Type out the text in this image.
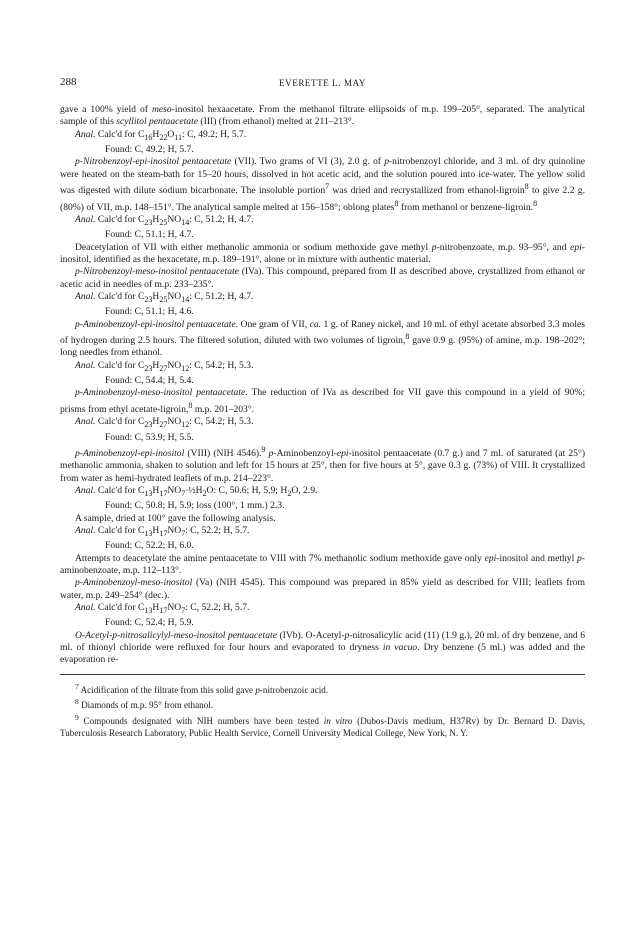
288	EVERETTE L. MAY
gave a 100% yield of meso-inositol hexaacetate. From the methanol filtrate ellipsoids of m.p. 199–205°, separated. The analytical sample of this scyllitol pentaacetate (III) (from ethanol) melted at 211–213°.
Anal. Calc'd for $C_{16}H_{22}O_{11}$: C, 49.2; H, 5.7.
Found: C, 49.2; H, 5.7.
p-Nitrobenzoyl-epi-inositol pentaacetate (VII). Two grams of VI (3), 2.0 g. of p-nitrobenzoyl chloride, and 3 ml. of dry quinoline were heated on the steam-bath for 15–20 hours, dissolved in hot acetic acid, and the solution poured into ice-water. The yellow solid was digested with dilute sodium bicarbonate. The insoluble portion$^7$ was dried and recrystallized from ethanol-ligroin$^8$ to give 2.2 g. (80%) of VII, m.p. 148–151°. The analytical sample melted at 156–158°; oblong plates$^8$ from methanol or benzene-ligroin.$^8$
Anal. Calc'd for $C_{23}H_{25}NO_{14}$: C, 51.2; H, 4.7.
Found: C, 51.1; H, 4.7.
Deacetylation of VII with either methanolic ammonia or sodium methoxide gave methyl p-nitrobenzoate, m.p. 93–95°, and epi-inositol, identified as the hexacetate, m.p. 189–191°, alone or in mixture with authentic material.
p-Nitrobenzoyl-meso-inositol pentaacetate (IVa). This compound, prepared from II as described above, crystallized from ethanol or acetic acid in needles of m.p. 233–235°.
Anal. Calc'd for $C_{23}H_{25}NO_{14}$: C, 51.2; H, 4.7.
Found: C, 51.1; H, 4.6.
p-Aminobenzoyl-epi-inositol pentaacetate. One gram of VII, ca. 1 g. of Raney nickel, and 10 ml. of ethyl acetate absorbed 3.3 moles of hydrogen during 2.5 hours. The filtered solution, diluted with two volumes of ligroin,$^8$ gave 0.9 g. (95%) of amine, m.p. 198–202°; long needles from ethanol.
Anal. Calc'd for $C_{23}H_{27}NO_{12}$: C, 54.2; H, 5.3.
Found: C, 54.4; H, 5.4.
p-Aminobenzoyl-meso-inositol pentaacetate. The reduction of IVa as described for VII gave this compound in a yield of 90%; prisms from ethyl acetate-ligroin,$^8$ m.p. 201–203°.
Anal. Calc'd for $C_{23}H_{27}NO_{12}$: C, 54.2; H, 5.3.
Found: C, 53.9; H, 5.5.
p-Aminobenzoyl-epi-inositol (VIII) (NIH 4546).$^9$ p-Aminobenzoyl-epi-inositol pentaacetate (0.7 g.) and 7 ml. of saturated (at 25°) methanolic ammonia, shaken to solution and left for 15 hours at 25°, then for five hours at 5°, gave 0.3 g. (73%) of VIII. It crystallized from water as hemi-hydrated leaflets of m.p. 214–223°.
Anal. Calc'd for $C_{13}H_{17}NO_7\cdot\frac{1}{2}H_2O$: C, 50.6; H, 5.9; $H_2O$, 2.9.
Found: C, 50.8; H, 5.9; loss (100°, 1 mm.) 2.3.
A sample, dried at 100° gave the following analysis.
Anal. Calc'd for $C_{13}H_{17}NO_7$: C, 52.2; H, 5.7.
Found: C, 52.2; H, 6.0.
Attempts to deacetylate the amine pentaacetate to VIII with 7% methanolic sodium methoxide gave only epi-inositol and methyl p-aminobenzoate, m.p. 112–113°.
p-Aminobenzoyl-meso-inositol (Va) (NIH 4545). This compound was prepared in 85% yield as described for VIII; leaflets from water, m.p. 249–254° (dec.).
Anal. Calc'd for $C_{13}H_{17}NO_7$: C, 52.2; H, 5.7.
Found: C, 52.4; H, 5.9.
O-Acetyl-p-nitrosalicylyl-meso-inositol pentaacetate (IVb). O-Acetyl-p-nitrosalicylic acid (11) (1.9 g.), 20 ml. of dry benzene, and 6 ml. of thionyl chloride were refluxed for four hours and evaporated to dryness in vacuo. Dry benzene (5 ml.) was added and the evaporation re-
$^7$ Acidification of the filtrate from this solid gave p-nitrobenzoic acid.
$^8$ Diamonds of m.p. 95° from ethanol.
$^9$ Compounds designated with NIH numbers have been tested in vitro (Dubos-Davis medium, H37Rv) by Dr. Bernard D. Davis, Tuberculosis Research Laboratory, Public Health Service, Cornell University Medical College, New York, N. Y.
